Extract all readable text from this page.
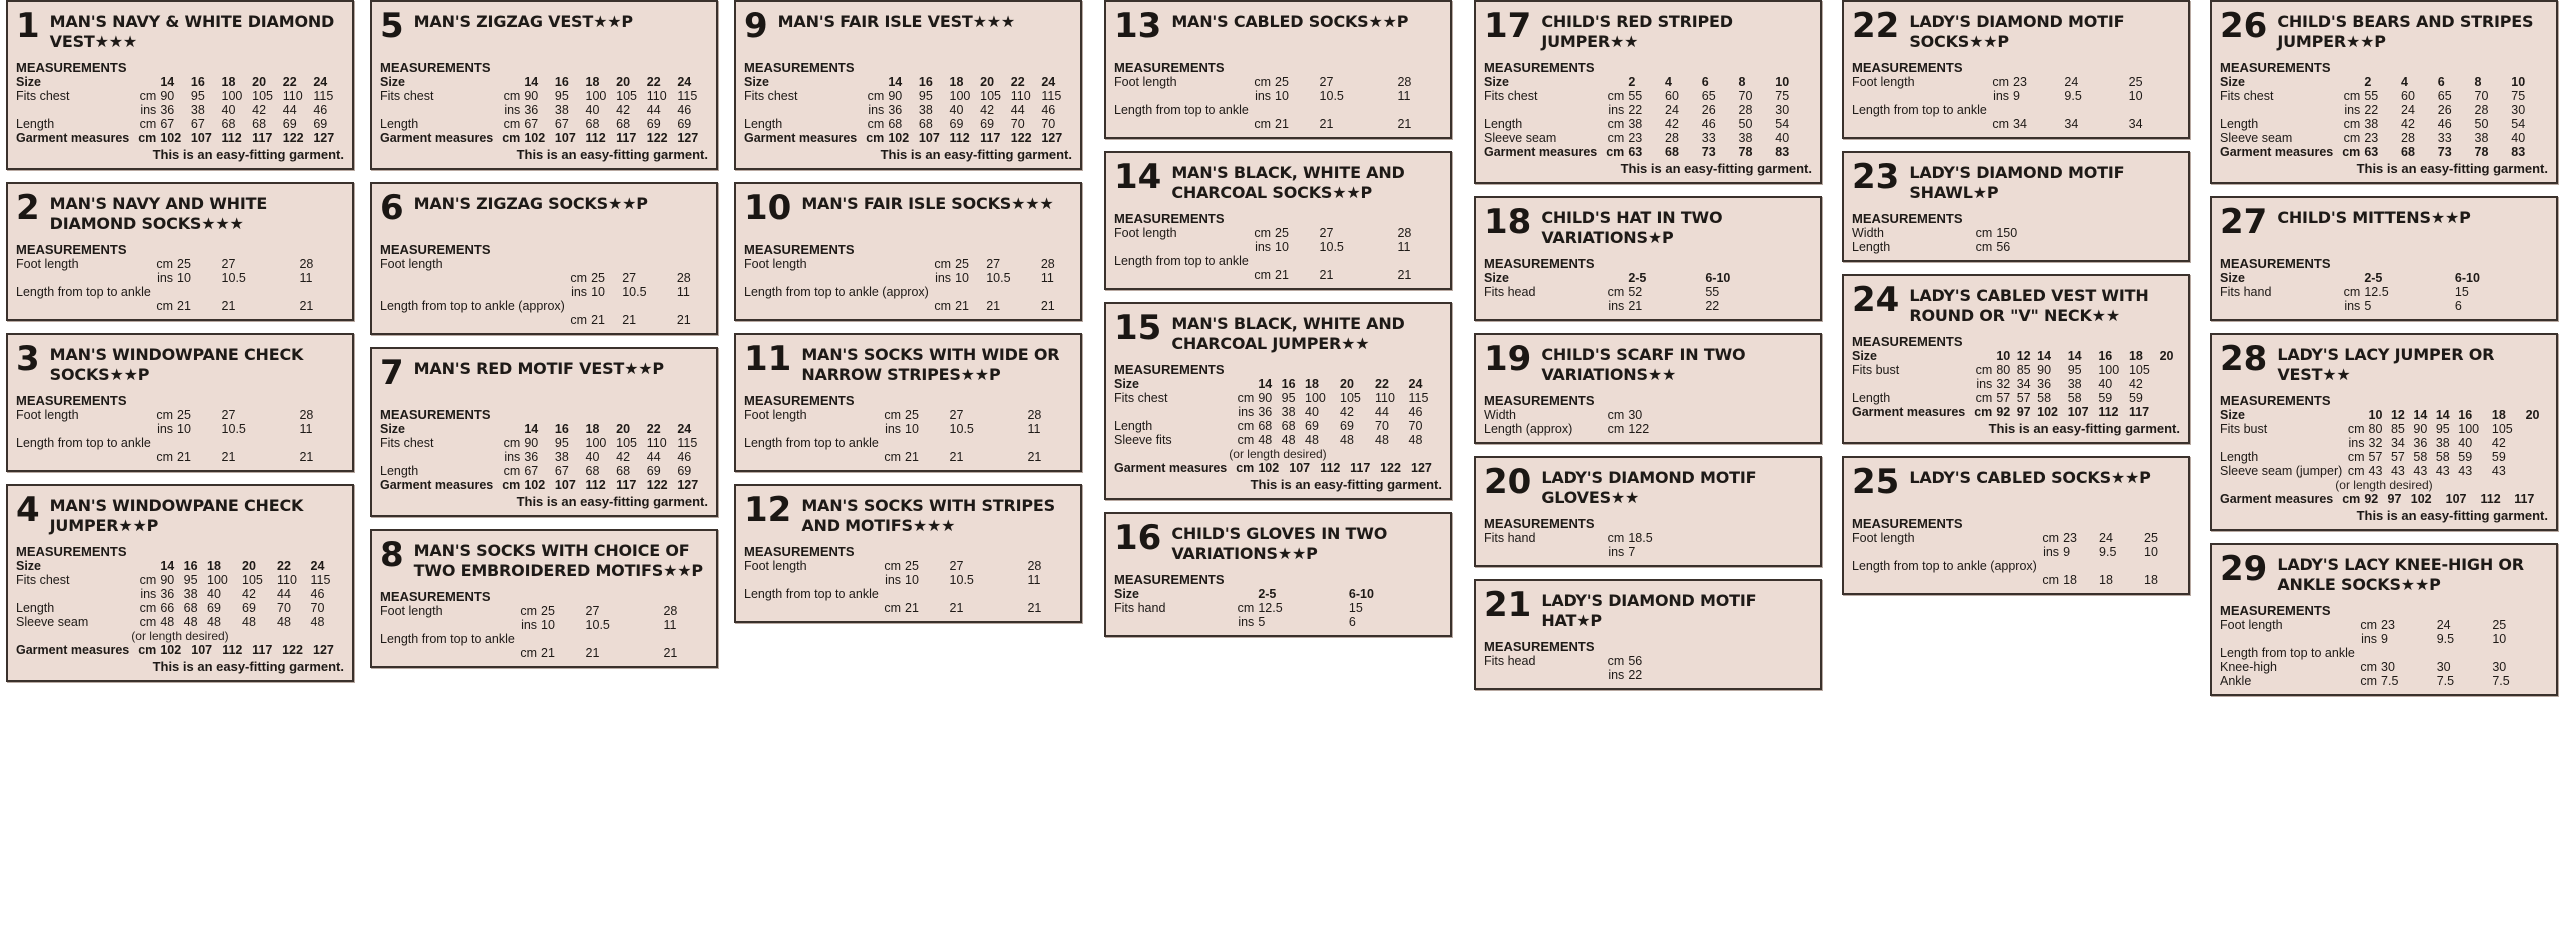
1 MAN'S NAVY & WHITE DIAMOND VEST★★★
MEASUREMENTS
Size		14	16	18	20	22	24
Fits chest	cm	90	95	100	105	110	115
	ins	36	38	40	42	44	46
Length	cm	67	67	68	68	69	69
Garment measures	cm	102	107	112	117	122	127
This is an easy-fitting garment.
2 MAN'S NAVY AND WHITE DIAMOND SOCKS★★★
MEASUREMENTS
Foot length	cm	25	27	28
	ins	10	10.5	11
Length from top to ankle				
	cm	21	21	21
3 MAN'S WINDOWPANE CHECK SOCKS★★P
MEASUREMENTS
Foot length	cm	25	27	28
	ins	10	10.5	11
Length from top to ankle				
	cm	21	21	21
4 MAN'S WINDOWPANE CHECK JUMPER★★P
MEASUREMENTS
Size		14	16	18	20	22	24
Fits chest	cm	90	95	100	105	110	115
	ins	36	38	40	42	44	46
Length	cm	66	68	69	69	70	70
Sleeve seam	cm	48	48	48	48	48	48
(or length desired)
Garment measures	cm	102	107	112	117	122	127
This is an easy-fitting garment.
5 MAN'S ZIGZAG VEST★★P
MEASUREMENTS
Size		14	16	18	20	22	24
Fits chest	cm	90	95	100	105	110	115
	ins	36	38	40	42	44	46
Length	cm	67	67	68	68	69	69
Garment measures	cm	102	107	112	117	122	127
This is an easy-fitting garment.
6 MAN'S ZIGZAG SOCKS★★P
MEASUREMENTS
Foot length				
	cm	25	27	28
	ins	10	10.5	11
Length from top to ankle (approx)				
	cm	21	21	21
7 MAN'S RED MOTIF VEST★★P
MEASUREMENTS
Size		14	16	18	20	22	24
Fits chest	cm	90	95	100	105	110	115
	ins	36	38	40	42	44	46
Length	cm	67	67	68	68	69	69
Garment measures	cm	102	107	112	117	122	127
This is an easy-fitting garment.
8 MAN'S SOCKS WITH CHOICE OF TWO EMBROIDERED MOTIFS★★P
MEASUREMENTS
Foot length	cm	25	27	28
	ins	10	10.5	11
Length from top to ankle				
	cm	21	21	21
9 MAN'S FAIR ISLE VEST★★★
MEASUREMENTS
Size		14	16	18	20	22	24
Fits chest	cm	90	95	100	105	110	115
	ins	36	38	40	42	44	46
Length	cm	68	68	69	69	70	70
Garment measures	cm	102	107	112	117	122	127
This is an easy-fitting garment.
10 MAN'S FAIR ISLE SOCKS★★★
MEASUREMENTS
Foot length	cm	25	27	28
	ins	10	10.5	11
Length from top to ankle (approx)				
	cm	21	21	21
11 MAN'S SOCKS WITH WIDE OR NARROW STRIPES★★P
MEASUREMENTS
Foot length	cm	25	27	28
	ins	10	10.5	11
Length from top to ankle				
	cm	21	21	21
12 MAN'S SOCKS WITH STRIPES AND MOTIFS★★★
MEASUREMENTS
Foot length	cm	25	27	28
	ins	10	10.5	11
Length from top to ankle				
	cm	21	21	21
13 MAN'S CABLED SOCKS★★P
MEASUREMENTS
Foot length	cm	25	27	28
	ins	10	10.5	11
Length from top to ankle				
	cm	21	21	21
14 MAN'S BLACK, WHITE AND CHARCOAL SOCKS★★P
MEASUREMENTS
Foot length	cm	25	27	28
	ins	10	10.5	11
Length from top to ankle				
	cm	21	21	21
15 MAN'S BLACK, WHITE AND CHARCOAL JUMPER★★
MEASUREMENTS
Size		14	16	18	20	22	24
Fits chest	cm	90	95	100	105	110	115
	ins	36	38	40	42	44	46
Length	cm	68	68	69	69	70	70
Sleeve fits	cm	48	48	48	48	48	48
(or length desired)
Garment measures	cm	102	107	112	117	122	127
This is an easy-fitting garment.
16 CHILD'S GLOVES IN TWO VARIATIONS★★P
MEASUREMENTS
Size		2-5	6-10
Fits hand	cm	12.5	15
	ins	5	6
17 CHILD'S RED STRIPED JUMPER★★
MEASUREMENTS
Size		2	4	6	8	10
Fits chest	cm	55	60	65	70	75
	ins	22	24	26	28	30
Length	cm	38	42	46	50	54
Sleeve seam	cm	23	28	33	38	40
Garment measures	cm	63	68	73	78	83
This is an easy-fitting garment.
18 CHILD'S HAT IN TWO VARIATIONS★P
MEASUREMENTS
Size		2-5	6-10
Fits head	cm	52	55
	ins	21	22
19 CHILD'S SCARF IN TWO VARIATIONS★★
MEASUREMENTS
Width	cm	30
Length (approx)	cm	122
20 LADY'S DIAMOND MOTIF GLOVES★★
MEASUREMENTS
Fits hand	cm	18.5
	ins	7
21 LADY'S DIAMOND MOTIF HAT★P
MEASUREMENTS
Fits head	cm	56
	ins	22
22 LADY'S DIAMOND MOTIF SOCKS★★P
MEASUREMENTS
Foot length	cm	23	24	25
	ins	9	9.5	10
Length from top to ankle				
	cm	34	34	34
23 LADY'S DIAMOND MOTIF SHAWL★P
MEASUREMENTS
Width	cm	150
Length	cm	56
24 LADY'S CABLED VEST WITH ROUND OR "V" NECK★★
MEASUREMENTS
Size		10	12	14	14	16	18	20
Fits bust	cm	80	85	90	95	100	105	
	ins	32	34	36	38	40	42	
Length	cm	57	57	58	58	59	59	
Garment measures	cm	92	97	102	107	112	117	
This is an easy-fitting garment.
25 LADY'S CABLED SOCKS★★P
MEASUREMENTS
Foot length	cm	23	24	25
	ins	9	9.5	10
Length from top to ankle (approx)				
	cm	18	18	18
26 CHILD'S BEARS AND STRIPES JUMPER★★P
MEASUREMENTS
Size		2	4	6	8	10
Fits chest	cm	55	60	65	70	75
	ins	22	24	26	28	30
Length	cm	38	42	46	50	54
Sleeve seam	cm	23	28	33	38	40
Garment measures	cm	63	68	73	78	83
This is an easy-fitting garment.
27 CHILD'S MITTENS★★P
MEASUREMENTS
Size		2-5	6-10
Fits hand	cm	12.5	15
	ins	5	6
28 LADY'S LACY JUMPER OR VEST★★
MEASUREMENTS
Size		10	12	14	14	16	18	20
Fits bust	cm	80	85	90	95	100	105	
	ins	32	34	36	38	40	42	
Length	cm	57	57	58	58	59	59	
Sleeve seam (jumper)	cm	43	43	43	43	43	43	
(or length desired)
Garment measures	cm	92	97	102	107	112	117
This is an easy-fitting garment.
29 LADY'S LACY KNEE-HIGH OR ANKLE SOCKS★★P
MEASUREMENTS
Foot length	cm	23	24	25
	ins	9	9.5	10
Length from top to ankle				
Knee-high	cm	30	30	30
Ankle	cm	7.5	7.5	7.5
